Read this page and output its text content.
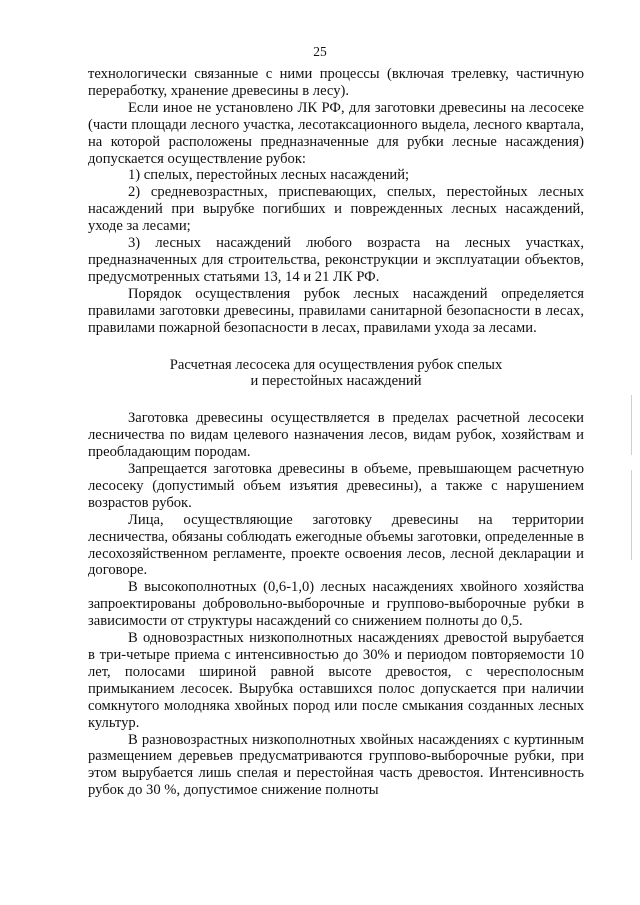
25

технологически связанные с ними процессы (включая трелевку, частичную переработку, хранение древесины в лесу).

Если иное не установлено ЛК РФ, для заготовки древесины на лесосеке (части площади лесного участка, лесотаксационного выдела, лесного квартала, на которой расположены предназначенные для рубки лесные насаждения) допускается осуществление рубок:

1) спелых, перестойных лесных насаждений;

2) средневозрастных, приспевающих, спелых, перестойных лесных насаждений при вырубке погибших и поврежденных лесных насаждений, уходе за лесами;

3) лесных насаждений любого возраста на лесных участках, предназначенных для строительства, реконструкции и эксплуатации объектов, предусмотренных статьями 13, 14 и 21 ЛК РФ.

Порядок осуществления рубок лесных насаждений определяется правилами заготовки древесины, правилами санитарной безопасности в лесах, правилами пожарной безопасности в лесах, правилами ухода за лесами.

Расчетная лесосека для осуществления рубок спелых
и перестойных насаждений

Заготовка древесины осуществляется в пределах расчетной лесосеки лесничества по видам целевого назначения лесов, видам рубок, хозяйствам и преобладающим породам.

Запрещается заготовка древесины в объеме, превышающем расчетную лесосеку (допустимый объем изъятия древесины), а также с нарушением возрастов рубок.

Лица, осуществляющие заготовку древесины на территории лесничества, обязаны соблюдать ежегодные объемы заготовки, определенные в лесохозяйственном регламенте, проекте освоения лесов, лесной декларации и договоре.

В высокополнотных (0,6-1,0) лесных насаждениях хвойного хозяйства запроектированы добровольно-выборочные и группово-выборочные рубки в зависимости от структуры насаждений со снижением полноты до 0,5.

В одновозрастных низкополнотных насаждениях древостой вырубается в три-четыре приема с интенсивностью до 30% и периодом повторяемости 10 лет, полосами шириной равной высоте древостоя, с чересполосным примыканием лесосек. Вырубка оставшихся полос допускается при наличии сомкнутого молодняка хвойных пород или после смыкания созданных лесных культур.

В разновозрастных низкополнотных хвойных насаждениях с куртинным размещением деревьев предусматриваются группово-выборочные рубки, при этом вырубается лишь спелая и перестойная часть древостоя. Интенсивность рубок до 30 %, допустимое снижение полноты
